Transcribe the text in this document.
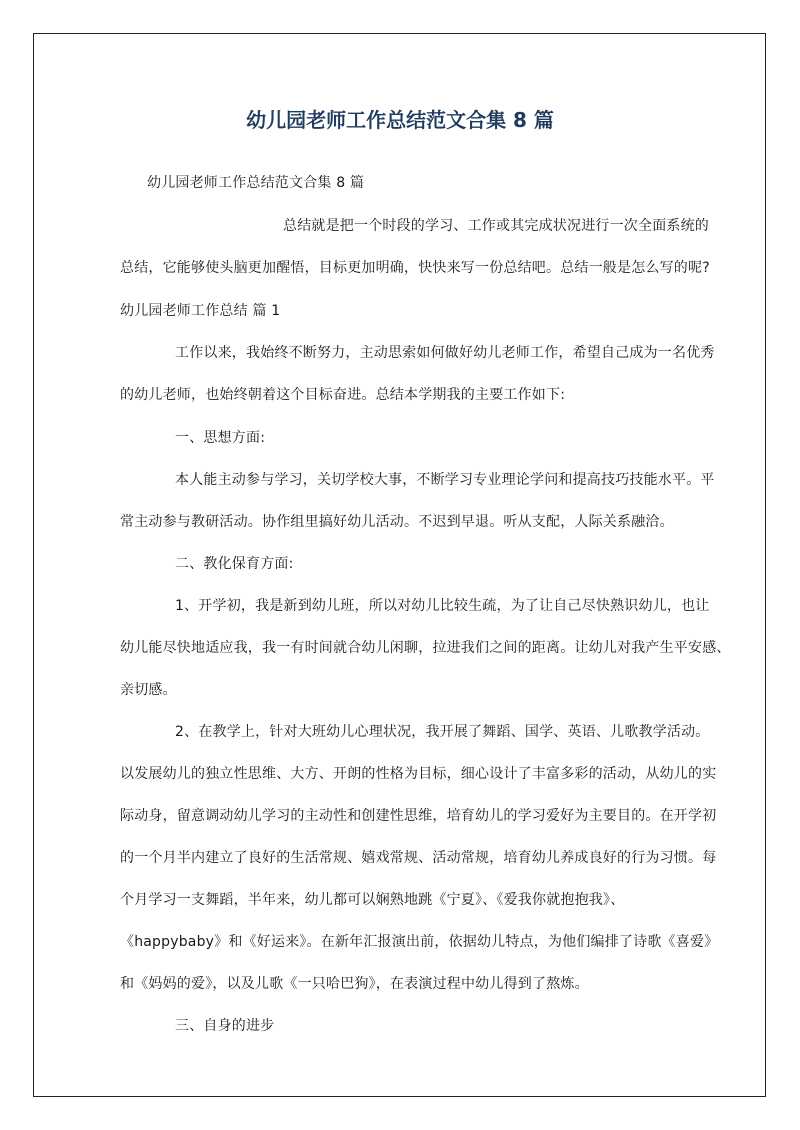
幼儿园老师工作总结范文合集 8 篇
幼儿园老师工作总结范文合集 8 篇
总结就是把一个时段的学习、工作或其完成状况进行一次全面系统的
总结，它能够使头脑更加醒悟，目标更加明确，快快来写一份总结吧。总结一般是怎么写的呢?
幼儿园老师工作总结 篇 1
工作以来，我始终不断努力，主动思索如何做好幼儿老师工作，希望自己成为一名优秀
的幼儿老师，也始终朝着这个目标奋进。总结本学期我的主要工作如下:
一、思想方面:
本人能主动参与学习，关切学校大事，不断学习专业理论学问和提高技巧技能水平。平
常主动参与教研活动。协作组里搞好幼儿活动。不迟到早退。听从支配，人际关系融洽。
二、教化保育方面:
1、开学初，我是新到幼儿班，所以对幼儿比较生疏，为了让自己尽快熟识幼儿，也让
幼儿能尽快地适应我，我一有时间就合幼儿闲聊，拉进我们之间的距离。让幼儿对我产生平安感、
亲切感。
2、在教学上，针对大班幼儿心理状况，我开展了舞蹈、国学、英语、儿歌教学活动。
以发展幼儿的独立性思维、大方、开朗的性格为目标，细心设计了丰富多彩的活动，从幼儿的实
际动身，留意调动幼儿学习的主动性和创建性思维，培育幼儿的学习爱好为主要目的。在开学初
的一个月半内建立了良好的生活常规、嬉戏常规、活动常规，培育幼儿养成良好的行为习惯。每
个月学习一支舞蹈，半年来，幼儿都可以娴熟地跳《宁夏》、《爱我你就抱抱我》、
《happybaby》和《好运来》。在新年汇报演出前，依据幼儿特点，为他们编排了诗歌《喜爱》
和《妈妈的爱》，以及儿歌《一只哈巴狗》，在表演过程中幼儿得到了熬炼。
三、自身的进步
